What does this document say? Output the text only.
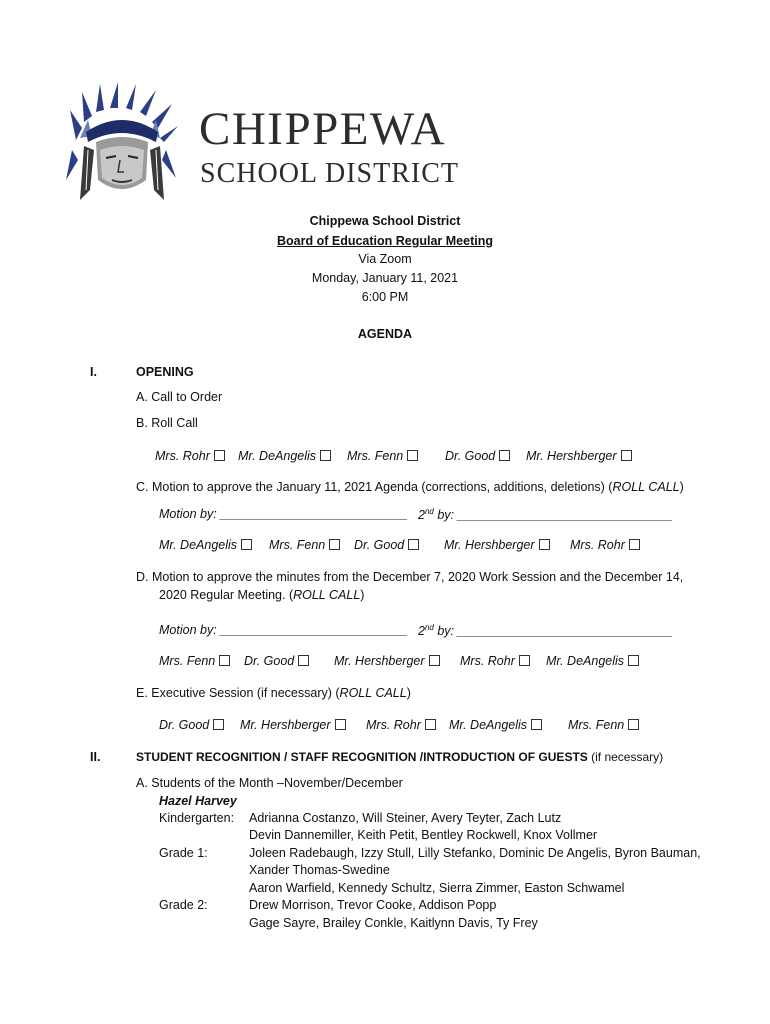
CHIPPEWA
SCHOOL DISTRICT
Chippewa School District
Board of Education Regular Meeting
Via Zoom
Monday, January 11, 2021
6:00 PM
AGENDA
I.	OPENING
A. Call to Order
B. Roll Call
Mrs. Rohr	Mr. DeAngelis	Mrs. Fenn	Dr. Good	Mr. Hershberger
C. Motion to approve the January 11, 2021 Agenda (corrections, additions, deletions) (ROLL CALL)
Motion by: ___________________________ 2nd by: _______________________________
Mr. DeAngelis	Mrs. Fenn	Dr. Good	Mr. Hershberger	Mrs. Rohr
D. Motion to approve the minutes from the December 7, 2020 Work Session and the December 14,
2020 Regular Meeting. (ROLL CALL)
Motion by: ___________________________ 2nd by: _______________________________
Mrs. Fenn	Dr. Good	Mr. Hershberger	Mrs. Rohr	Mr. DeAngelis
E. Executive Session (if necessary) (ROLL CALL)
Dr. Good	Mr. Hershberger	Mrs. Rohr	Mr. DeAngelis	Mrs. Fenn
II.	STUDENT RECOGNITION / STAFF RECOGNITION /INTRODUCTION OF GUESTS (if necessary)
A. Students of the Month –November/December
Hazel Harvey
Kindergarten: Adrianna Costanzo, Will Steiner, Avery Teyter, Zach Lutz
Devin Dannemiller, Keith Petit, Bentley Rockwell, Knox Vollmer
Grade 1:	Joleen Radebaugh, Izzy Stull, Lilly Stefanko, Dominic De Angelis, Byron Bauman,
Xander Thomas-Swedine
Aaron Warfield, Kennedy Schultz, Sierra Zimmer, Easton Schwamel
Grade 2:	Drew Morrison, Trevor Cooke, Addison Popp
Gage Sayre, Brailey Conkle, Kaitlynn Davis, Ty Frey
